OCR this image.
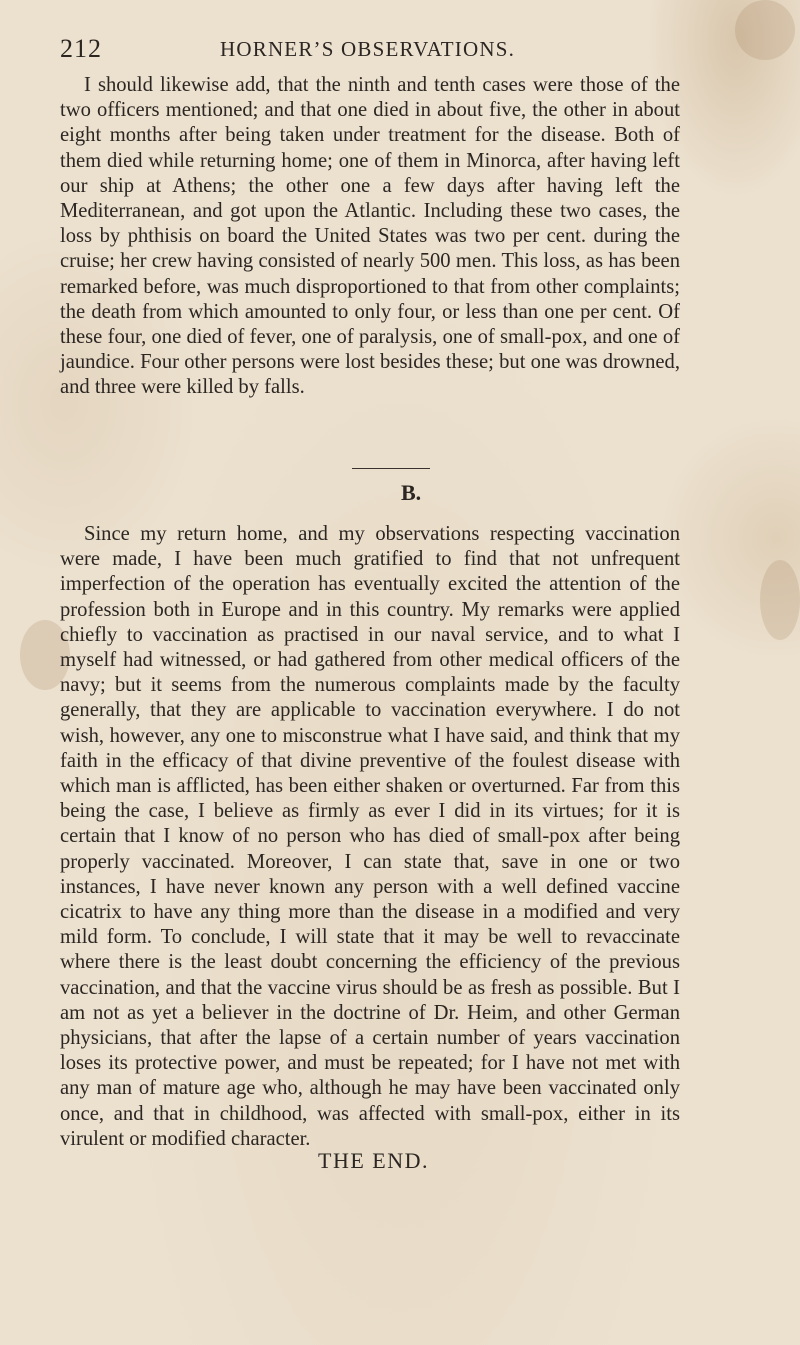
212	HORNER’S OBSERVATIONS.

I should likewise add, that the ninth and tenth cases were those of the two officers mentioned; and that one died in about five, the other in about eight months after being taken under treatment for the disease. Both of them died while returning home; one of them in Minorca, after having left our ship at Athens; the other one a few days after having left the Mediterranean, and got upon the Atlantic. Including these two cases, the loss by phthisis on board the United States was two per cent. during the cruise; her crew having consisted of nearly 500 men. This loss, as has been remarked before, was much disproportioned to that from other complaints; the death from which amounted to only four, or less than one per cent. Of these four, one died of fever, one of paralysis, one of small-pox, and one of jaundice. Four other persons were lost besides these; but one was drowned, and three were killed by falls.

B.

Since my return home, and my observations respecting vaccination were made, I have been much gratified to find that not unfrequent imperfection of the operation has eventually excited the attention of the profession both in Europe and in this country. My remarks were applied chiefly to vaccination as practised in our naval service, and to what I myself had witnessed, or had gathered from other medical officers of the navy; but it seems from the numerous complaints made by the faculty generally, that they are applicable to vaccination everywhere. I do not wish, however, any one to misconstrue what I have said, and think that my faith in the efficacy of that divine preventive of the foulest disease with which man is afflicted, has been either shaken or overturned. Far from this being the case, I believe as firmly as ever I did in its virtues; for it is certain that I know of no person who has died of small-pox after being properly vaccinated. Moreover, I can state that, save in one or two instances, I have never known any person with a well defined vaccine cicatrix to have any thing more than the disease in a modified and very mild form. To conclude, I will state that it may be well to revaccinate where there is the least doubt concerning the efficiency of the previous vaccination, and that the vaccine virus should be as fresh as possible. But I am not as yet a believer in the doctrine of Dr. Heim, and other German physicians, that after the lapse of a certain number of years vaccination loses its protective power, and must be repeated; for I have not met with any man of mature age who, although he may have been vaccinated only once, and that in childhood, was affected with small-pox, either in its virulent or modified character.

THE END.
